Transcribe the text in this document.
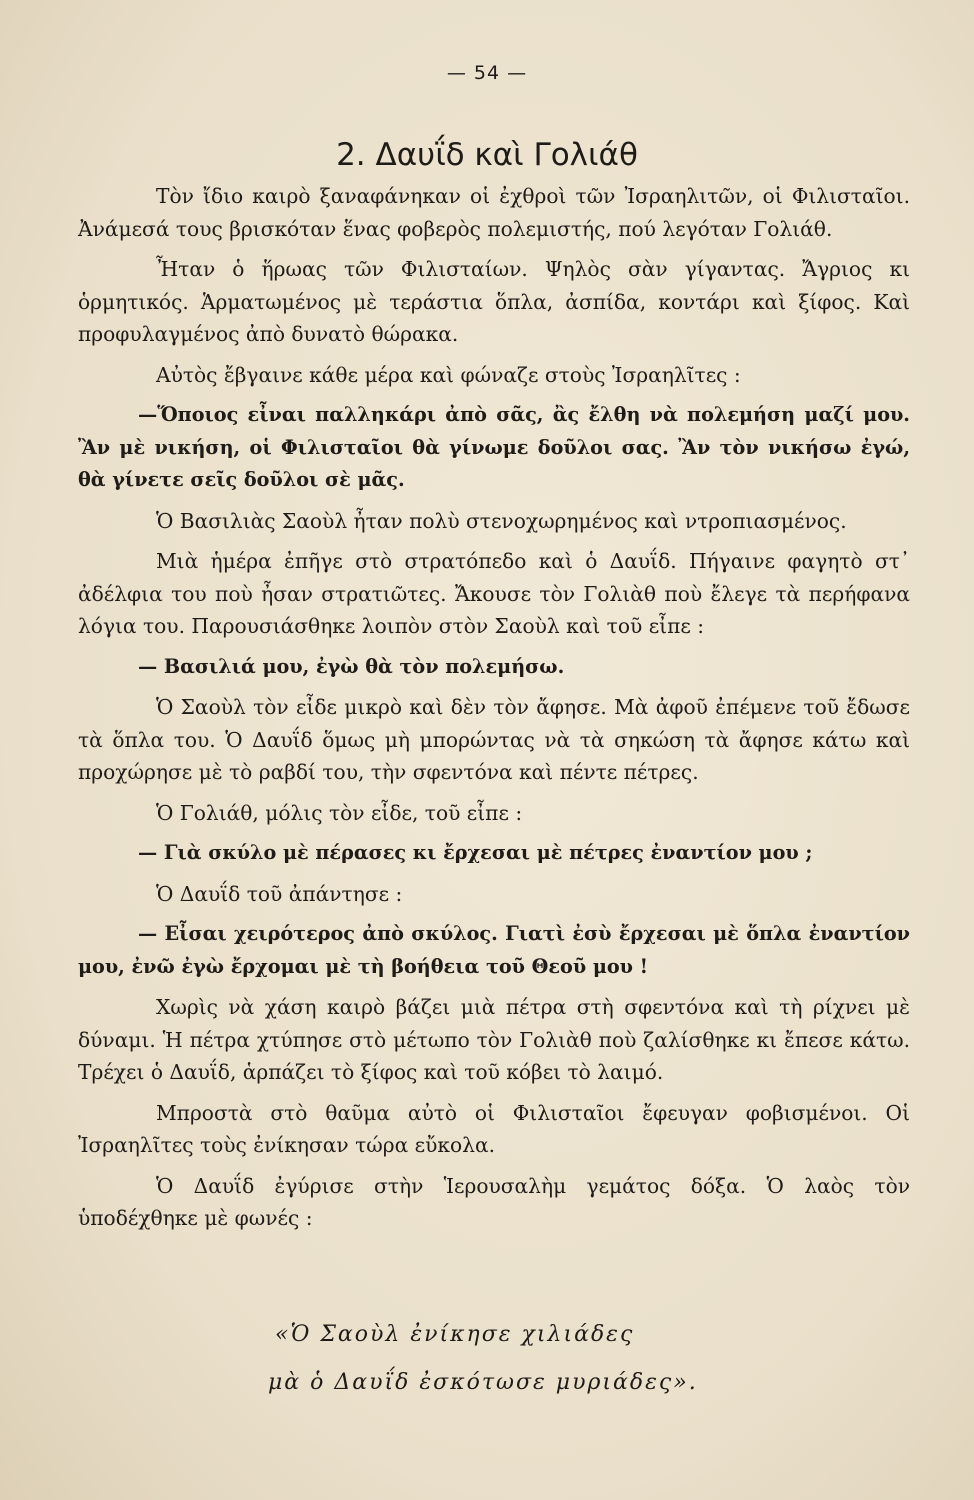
— 54 —
2. Δαυΐδ καὶ Γολιάθ

Τὸν ἴδιο καιρὸ ξαναφάνηκαν οἱ ἐχθροὶ τῶν Ἰσραηλιτῶν, οἱ Φιλισταῖοι. Ἀνάμεσά τους βρισκόταν ἕνας φοβερὸς πολεμιστής, πού λεγόταν Γολιάθ.

Ἦταν ὁ ἥρωας τῶν Φιλισταίων. Ψηλὸς σὰν γίγαντας. Ἄγριος κι ὁρμητικός. Ἁρματωμένος μὲ τεράστια ὅπλα, ἀσπίδα, κοντάρι καὶ ξίφος. Καὶ προφυλαγμένος ἀπὸ δυνατὸ θώρακα.

Αὐτὸς ἔβγαινε κάθε μέρα καὶ φώναζε στοὺς Ἰσραηλῖτες :

—Ὅποιος εἶναι παλληκάρι ἀπὸ σᾶς, ἂς ἔλθη νὰ πολεμήση μαζί μου. Ἂν μὲ νικήση, οἱ Φιλισταῖοι θὰ γίνωμε δοῦλοι σας. Ἂν τὸν νικήσω ἐγώ, θὰ γίνετε σεῖς δοῦλοι σὲ μᾶς.

Ὁ Βασιλιὰς Σαοὺλ ἦταν πολὺ στενοχωρημένος καὶ ντροπιασμένος.

Μιὰ ἡμέρα ἐπῆγε στὸ στρατόπεδο καὶ ὁ Δαυΐδ. Πήγαινε φαγητὸ στ᾽ ἀδέλφια του ποὺ ἦσαν στρατιῶτες. Ἄκουσε τὸν Γολιὰθ ποὺ ἔλεγε τὰ περήφανα λόγια του. Παρουσιάσθηκε λοιπὸν στὸν Σαοὺλ καὶ τοῦ εἶπε :

— Βασιλιά μου, ἐγὼ θὰ τὸν πολεμήσω.

Ὁ Σαοὺλ τὸν εἶδε μικρὸ καὶ δὲν τὸν ἄφησε. Μὰ ἀφοῦ ἐπέμενε τοῦ ἔδωσε τὰ ὅπλα του. Ὁ Δαυΐδ ὅμως μὴ μπορώντας νὰ τὰ σηκώση τὰ ἄφησε κάτω καὶ προχώρησε μὲ τὸ ραβδί του, τὴν σφεντόνα καὶ πέντε πέτρες.

Ὁ Γολιάθ, μόλις τὸν εἶδε, τοῦ εἶπε :

— Γιὰ σκύλο μὲ πέρασες κι ἔρχεσαι μὲ πέτρες ἐναντίον μου ;

Ὁ Δαυΐδ τοῦ ἀπάντησε :

— Εἶσαι χειρότερος ἀπὸ σκύλος. Γιατὶ ἐσὺ ἔρχεσαι μὲ ὅπλα ἐναντίον μου, ἐνῶ ἐγὼ ἔρχομαι μὲ τὴ βοήθεια τοῦ Θεοῦ μου !

Χωρὶς νὰ χάση καιρὸ βάζει μιὰ πέτρα στὴ σφεντόνα καὶ τὴ ρίχνει μὲ δύναμι. Ἡ πέτρα χτύπησε στὸ μέτωπο τὸν Γολιὰθ ποὺ ζαλίσθηκε κι ἔπεσε κάτω. Τρέχει ὁ Δαυΐδ, ἁρπάζει τὸ ξίφος καὶ τοῦ κόβει τὸ λαιμό.

Μπροστὰ στὸ θαῦμα αὐτὸ οἱ Φιλισταῖοι ἔφευγαν φοβισμένοι. Οἱ Ἰσραηλῖτες τοὺς ἐνίκησαν τώρα εὔκολα.

Ὁ Δαυΐδ ἐγύρισε στὴν Ἱερουσαλὴμ γεμάτος δόξα. Ὁ λαὸς τὸν ὑποδέχθηκε μὲ φωνές :

«Ὁ Σαοὺλ ἐνίκησε χιλιάδες
μὰ ὁ Δαυΐδ ἐσκότωσε μυριάδες».
